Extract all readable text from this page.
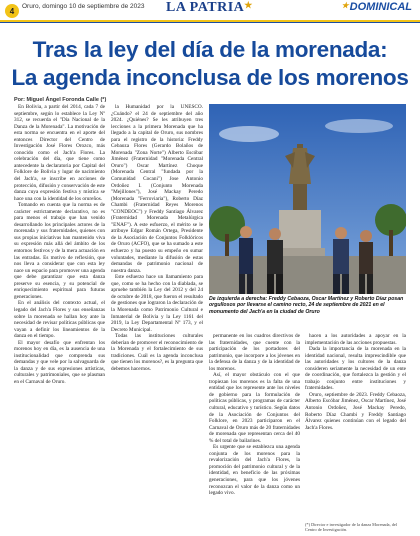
4	Oruro, domingo 10 de septiembre de 2023 LA PATRIA★	★DOMINICAL
Tras la ley del día de la morenada:
La agenda inconclusa de los morenos
Por: Miguel Ángel Foronda Calle (*)

En Bolivia, a partir del 2014, cada 7 de septiembre, según lo establece la Ley Nº 312, se recuerda el "Día Nacional de la Danza de la Morenada". La motivación de esta norma se encuentra en el aporte del entonces Director del Centro de Investigación José Flores Orozco, más conocido como el Jach'a Flores. La celebración del día, que tiene como antecedente la declaratoria por Capital del Folklore de Bolivia y lugar de nacimiento del Jach'a, se inscribe en acciones de protección, difusión y conservación de este danza cuya expresión festiva y mística se hace una con la identidad de los orureños.

Tomando en cuenta que la norma es de carácter estrictamente declarativo, no es para menos el trabajo que han venido desarrollando los principales actores de la morenada y sus fraternidades, quienes con sus propias iniciativas han mantenido viva su expresión más allá del ámbito de los entornos festivos y de la mera actuación en las entradas. Es motivo de reflexión, que nos lleva a considerar que con esta ley nace un espacio para promover una agenda que debe garantizar que esta danza preserve su esencia, y su potencial de enriquecimiento espiritual para futuras generaciones.

En el análisis del contexto actual, el legado del Jach'a Flores y sus enseñanzas sobre la morenada se hallan hoy ante la necesidad de revisar políticas públicas que vayan a definir los lineamientos de la danza en el tiempo.

El mayor desafío que enfrentan los morenos hoy en día, es la ausencia de una institucionalidad que comprenda sus demandas y que vele por la salvaguarda de la danza y de sus expresiones artísticas, culturales y patrimoniales, que se plasman en el Carnaval de Oruro.

la Humanidad por la UNESCO. ¿Cuándo? el 24 de septiembre del año 2024. ¿Quiénes? Se les atribuyen tres lecciones a la primera Morenada que ha llegado a la capital de Oruro, sus nombres para el registro de la historia: Freddy Cebaoza Flores (Gerardo Bolaños de Morenada "Zona Norte") Alberto Escóbar Jiménez (Fraternidad "Morenada Central Oruro") Oscar Martínez Choque (Morenada Central "fundada por la Comunidad Cocani") Jose Antonio Ordoñez I. (Conjunto Morenada "Mejillones"), José Mackay Peredo (Morenada "Ferroviaria"), Roberto Díaz Chambi (Fraternidad Reyes Morenos "CONDEOC") y Freddy Santiago Álvarez (Fraternidad Morenada Metalúrgica "ENAF"). A este esfuerzo, el mérito se le atribuye Edgar Román Ortega, Presidente de la Asociación de Conjuntos Folklóricos de Oruro (ACFO), que se ha sumado a este esfuerzo y ha puesto su empeño en sumar voluntades, mediante la difusión de estas demandas de patrimonio nacional de nuestra danza.

Este esfuerzo hace un llamamiento para que, como se ha hecho con la diablada, se apruebe también la Ley del 2012 y del 24 de octubre de 2018, que fueron el resultado de gestiones que lograron la declaración de la Morenada como Patrimonio Cultural e Inmaterial de Bolivia y la Ley 1161 del 2019, la Ley Departamental Nº 173, y el Decreto Municipal.

Todas las instituciones culturales deberían de promover el reconocimiento de la Morenada y el fortalecimiento de sus tradiciones. Cuál es la agenda inconclusa que tienen los morenos?, es la pregunta que debemos hacernos.

De izquierda a derecha: Freddy Cebaoza, Oscar Martínez y Roberto Díaz posan orgullosos por llevarse el camino recto, 24 de septiembre de 2021 en el monumento del Jach'a en la ciudad de Oruro

permanente en los cuadros directivos de las fraternidades, que cuente con la participación de los portadores del patrimonio, que incorpore a los jóvenes en la defensa de la danza y de la identidad de los morenos.

Así, el mayor obstáculo con el que tropiezan los morenos es la falta de una entidad que los represente ante los niveles de gobierno para la formulación de políticas públicas, y programas de carácter cultural, educativo y turístico. Según datos de la Asociación de Conjuntos del Folklore, en 2023 participaron en el Carnaval de Oruro más de 20 fraternidades de morenada que representan cerca del 40 % del total de bailarines.

Es urgente que se establezca una agenda conjunta de los morenos para la revalorización del Jach'a Flores, la promoción del patrimonio cultural y de la identidad, en beneficio de las próximas generaciones, para que los jóvenes reconozcan el valor de la danza como un legado vivo.

hacen a los autoridades a apoyar en la implementación de las acciones propuestas.

Dada la importancia de la morenada en la identidad nacional, resulta imprescindible que las autoridades y los cultores de la danza consideren seriamente la necesidad de un ente de coordinación, que fortalezca la gestión y el trabajo conjunto entre instituciones y fraternidades.

Oruro, septiembre de 2023. Freddy Cebaoza, Alberto Escóbar Jiménez, Oscar Martínez, José Antonio Ordoñez, José Mackay Peredo, Roberto Díaz Chambi y Freddy Santiago Álvarez quienes continúan con el legado del Jach'a Flores.

(*) Director e investigador de la danza Morenada, del Centro de Investigación.
